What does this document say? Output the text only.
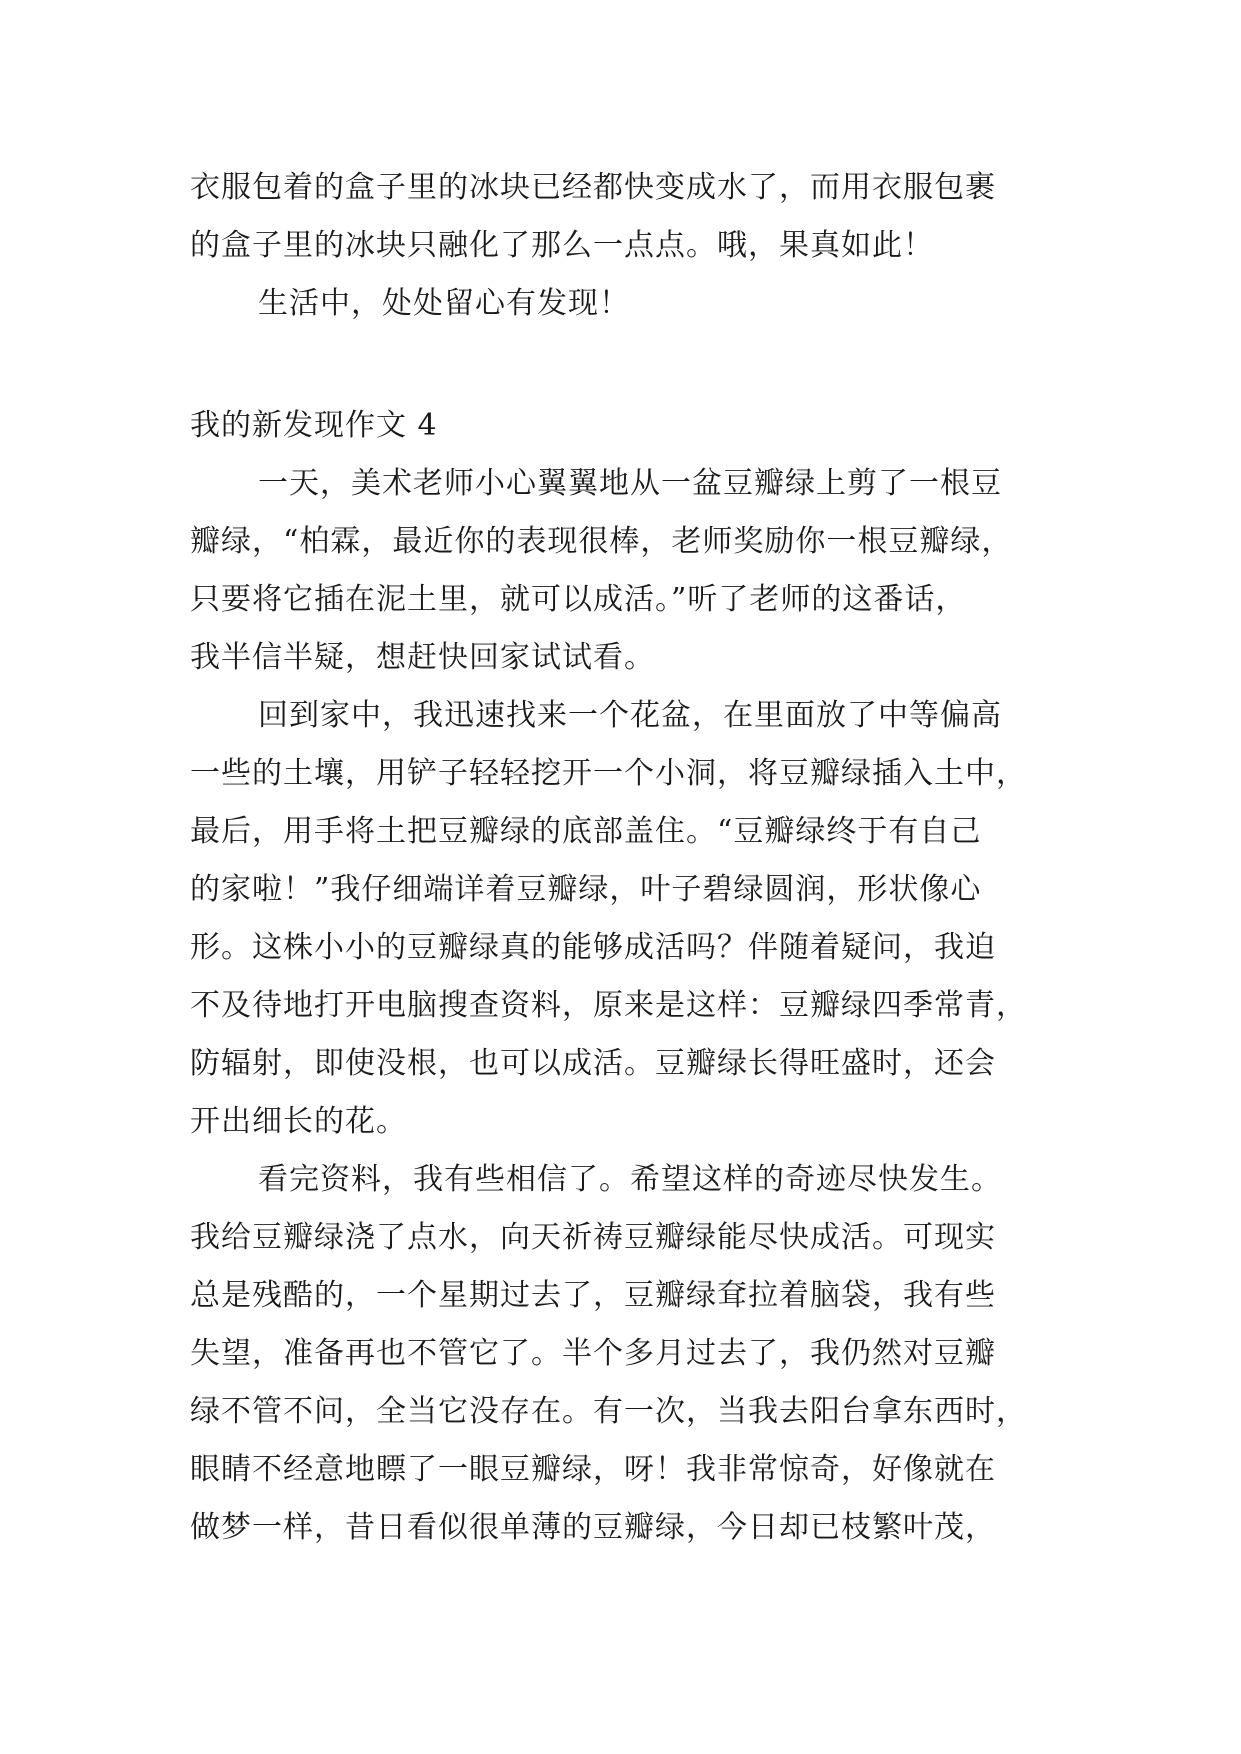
衣服包着的盒子里的冰块已经都快变成水了，而用衣服包裹
的盒子里的冰块只融化了那么一点点。哦，果真如此！
生活中，处处留心有发现！
我的新发现作文 4
一天，美术老师小心翼翼地从一盆豆瓣绿上剪了一根豆
瓣绿，“柏霖，最近你的表现很棒，老师奖励你一根豆瓣绿，
只要将它插在泥土里，就可以成活。”听了老师的这番话，
我半信半疑，想赶快回家试试看。
回到家中，我迅速找来一个花盆，在里面放了中等偏高
一些的土壤，用铲子轻轻挖开一个小洞，将豆瓣绿插入土中，
最后，用手将土把豆瓣绿的底部盖住。“豆瓣绿终于有自己
的家啦！”我仔细端详着豆瓣绿，叶子碧绿圆润，形状像心
形。这株小小的豆瓣绿真的能够成活吗？伴随着疑问，我迫
不及待地打开电脑搜查资料，原来是这样：豆瓣绿四季常青，
防辐射，即使没根，也可以成活。豆瓣绿长得旺盛时，还会
开出细长的花。
看完资料，我有些相信了。希望这样的奇迹尽快发生。
我给豆瓣绿浇了点水，向天祈祷豆瓣绿能尽快成活。可现实
总是残酷的，一个星期过去了，豆瓣绿耷拉着脑袋，我有些
失望，准备再也不管它了。半个多月过去了，我仍然对豆瓣
绿不管不问，全当它没存在。有一次，当我去阳台拿东西时，
眼睛不经意地瞟了一眼豆瓣绿，呀！我非常惊奇，好像就在
做梦一样，昔日看似很单薄的豆瓣绿，今日却已枝繁叶茂，
